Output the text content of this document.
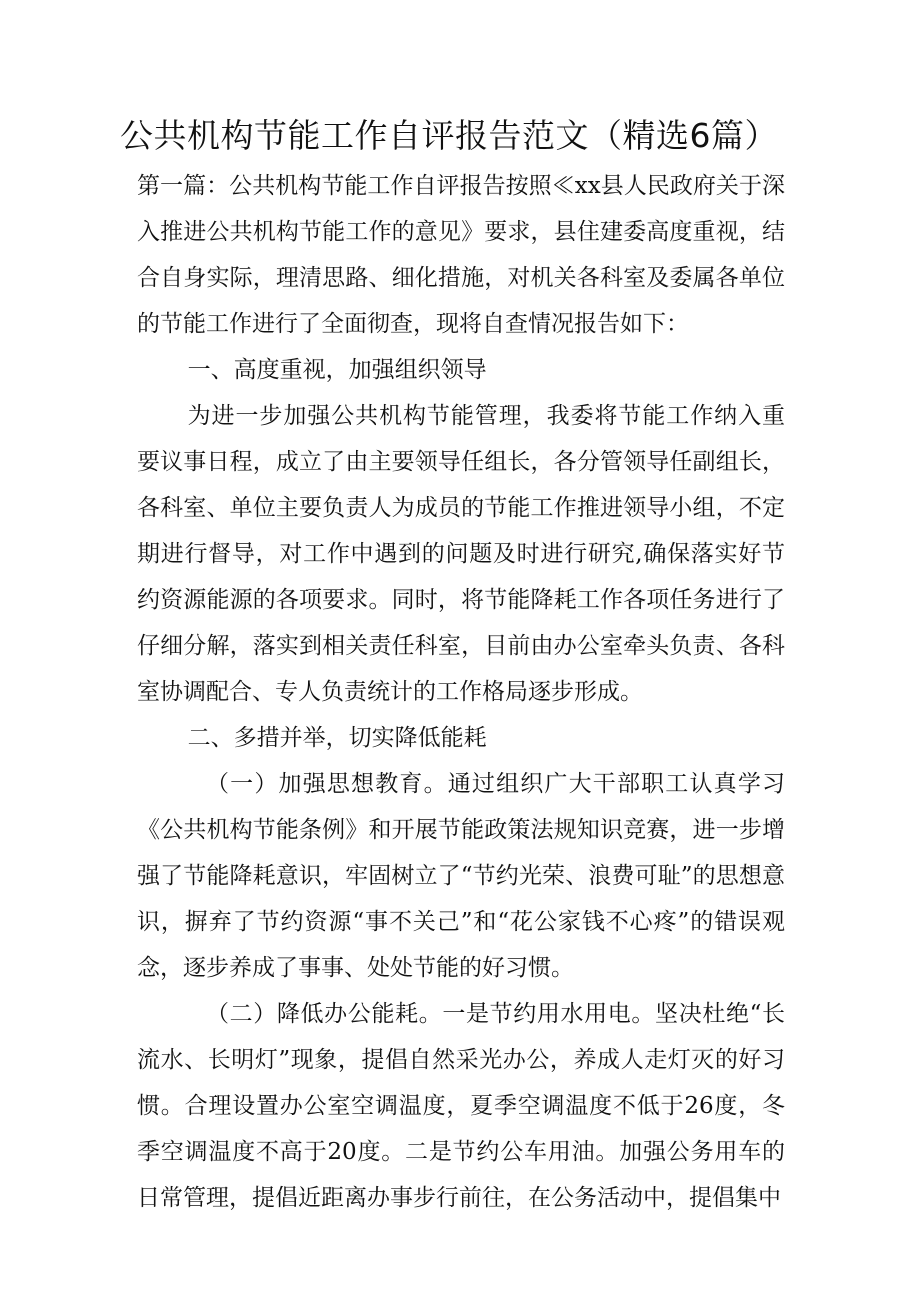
公共机构节能工作自评报告范文（精选6篇）

第一篇：公共机构节能工作自评报告按照≪xx县人民政府关于深入推进公共机构节能工作的意见》要求，县住建委高度重视，结合自身实际，理清思路、细化措施，对机关各科室及委属各单位的节能工作进行了全面彻查，现将自查情况报告如下：

一、高度重视，加强组织领导

为进一步加强公共机构节能管理，我委将节能工作纳入重要议事日程，成立了由主要领导任组长，各分管领导任副组长，各科室、单位主要负责人为成员的节能工作推进领导小组，不定期进行督导，对工作中遇到的问题及时进行研究,确保落实好节约资源能源的各项要求。同时，将节能降耗工作各项任务进行了仔细分解，落实到相关责任科室，目前由办公室牵头负责、各科室协调配合、专人负责统计的工作格局逐步形成。

二、多措并举，切实降低能耗

（一）加强思想教育。通过组织广大干部职工认真学习《公共机构节能条例》和开展节能政策法规知识竞赛，进一步增强了节能降耗意识，牢固树立了“节约光荣、浪费可耻”的思想意识，摒弃了节约资源“事不关己”和“花公家钱不心疼”的错误观念，逐步养成了事事、处处节能的好习惯。

（二）降低办公能耗。一是节约用水用电。坚决杜绝“长流水、长明灯”现象，提倡自然采光办公，养成人走灯灭的好习惯。合理设置办公室空调温度，夏季空调温度不低于26度，冬季空调温度不高于20度。二是节约公车用油。加强公务用车的日常管理，提倡近距离办事步行前往，在公务活动中，提倡集中
